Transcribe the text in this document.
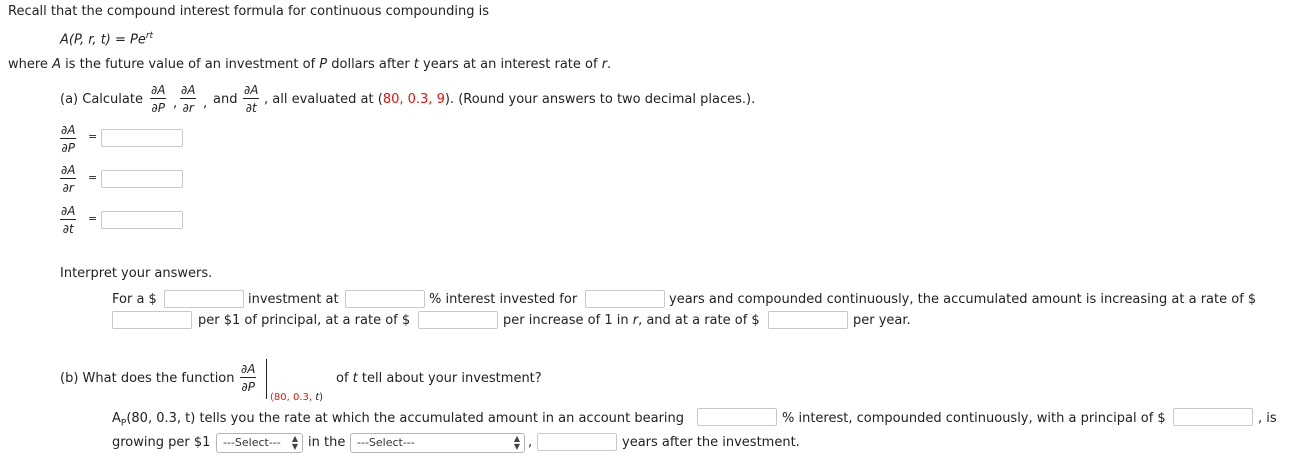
Recall that the compound interest formula for continuous compounding is
A(P, r, $t) = Pe^{rt}$
where A is the future value of an investment of P dollars after t years at an interest rate of r.
(a) Calculate
∂A
∂P ,
∂A
∂r , and
∂A
∂t
, all evaluated at (80, 0.3, 9). (Round your answers to two decimal places.).
∂A
∂P
=
∂A
∂r
=
∂A
∂t
=
Interpret your answers.
For a $	investment at	% interest invested for	years and compounded continuously, the accumulated amount is increasing at a rate of $
per $1 of principal, at a rate of $	per increase of 1 in r, and at a rate of $	per year.
(b) What does the function
∂A
∂P
(80, 0.3, t)
of t tell about your investment?
$A_P(80$, 0.3, t) tells you the rate at which the accumulated amount in an account bearing	% interest, compounded continuously, with a principal of $	, is
growing per $1	---Select--- ▲
▼ in the	---Select---	▲
▼ ,	years after the investment.
